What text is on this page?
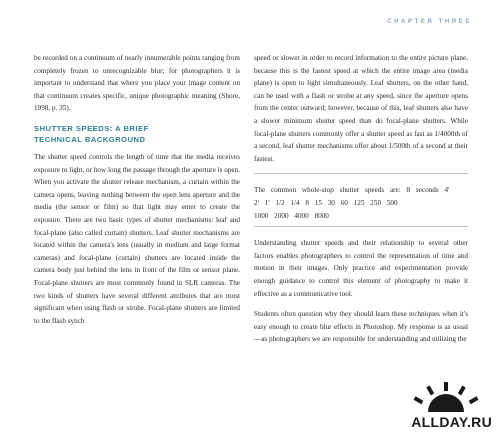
CHAPTER THREE

be recorded on a continuum of nearly innumerable points ranging from completely frozen to unrecognizable blur; for photographers it is important to understand that where you place your image content on that continuum creates specific, unique photographic meaning (Shore, 1998, p. 35).

SHUTTER SPEEDS: A BRIEF
TECHNICAL BACKGROUND

The shutter speed controls the length of time that the media receives exposure to light, or how long the passage through the aperture is open. When you activate the shutter release mechanism, a curtain within the camera opens, leaving nothing between the open lens aperture and the media (the sensor or film) so that light may enter to create the exposure. There are two basic types of shutter mechanisms: leaf and focal-plane (also called curtain) shutters. Leaf shutter mechanisms are located within the camera's lens (usually in medium and large format cameras) and focal-plane (curtain) shutters are located inside the camera body just behind the lens in front of the film or sensor plane. Focal-plane shutters are most commonly found in SLR cameras. The two kinds of shutters have several different attributes that are most significant when using flash or strobe. Focal-plane shutters are limited to the flash synch

speed or slower in order to record information to the entire picture plane, because this is the fastest speed at which the entire image area (media plane) is open to light simultaneously. Leaf shutters, on the other hand, can be used with a flash or strobe at any speed, since the aperture opens from the center outward; however, because of this, leaf shutters also have a slower minimum shutter speed than do focal-plane shutters. While focal-plane shutters commonly offer a shutter speed as fast as 1/4000th of a second, leaf shutter mechanisms offer about 1/500th of a second at their fastest.

The common whole-stop shutter speeds are: 8 seconds 4'
2' 1' 1/2 1/4 8 15 30 60 125 250 500
1000 2000 4000 8000

Understanding shutter speeds and their relationship to several other factors enables photographers to control the representation of time and motion in their images. Only practice and experimentation provide enough guidance to control this element of photography to make it effective as a communicative tool.

Students often question why they should learn these techniques when it's easy enough to create blur effects in Photoshop. My response is as usual—as photographers we are responsible for understanding and utilizing the

ALLDAY.RU
